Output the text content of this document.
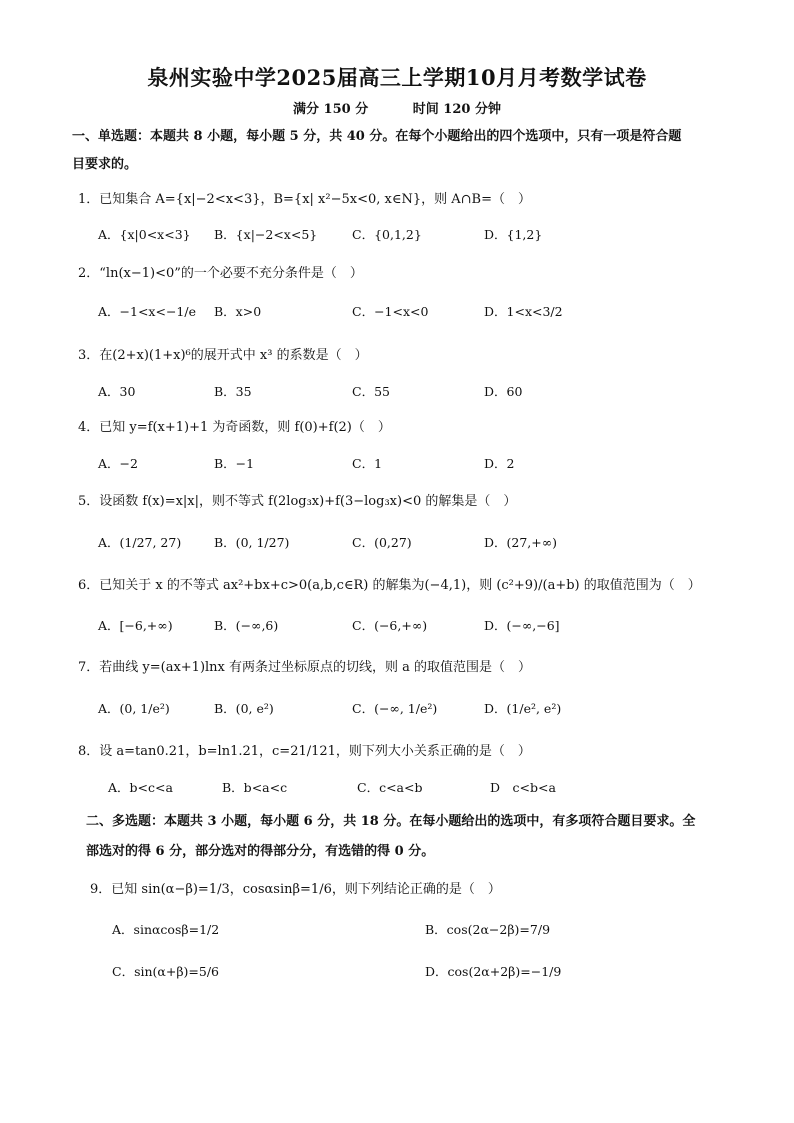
泉州实验中学2025届高三上学期10月月考数学试卷
满分 150 分	时间 120 分钟
一、单选题：本题共 8 小题，每小题 5 分，共 40 分。在每个小题给出的四个选项中，只有一项是符合题
目要求的。
1．已知集合 A={x|−2<x<3}，B={x| x²−5x<0, x∈N}，则 A∩B=（　）
A．{x|0<x<3} B．{x|−2<x<5}	C．{0,1,2}	D．{1,2}
2．“ln(x−1)<0”的一个必要不充分条件是（　）
A．−1<x<−1/e B．x>0	C．−1<x<0	D．1<x<3/2
3．在(2+x)(1+x)⁶的展开式中 x³ 的系数是（　）
A．30	B．35	C．55	D．60
4．已知 y=f(x+1)+1 为奇函数，则 f(0)+f(2)（　）
A．−2	B．−1	C．1	D．2
5．设函数 f(x)=x|x|，则不等式 f(2log₃x)+f(3−log₃x)<0 的解集是（　）
A．(1/27, 27)	B．(0, 1/27)	C．(0,27)	D．(27,+∞)
6．已知关于 x 的不等式 ax²+bx+c>0(a,b,c∈R) 的解集为(−4,1)，则 (c²+9)/(a+b) 的取值范围为（　）
A．[−6,+∞)	B．(−∞,6)	C．(−6,+∞)	D．(−∞,−6]
7．若曲线 y=(ax+1)lnx 有两条过坐标原点的切线，则 a 的取值范围是（　）
A．(0, 1/e²)	B．(0, e²)	C．(−∞, 1/e²)	D．(1/e², e²)
8．设 a=tan0.21，b=ln1.21，c=21/121，则下列大小关系正确的是（　）
A．b<c<a	B．b<a<c	C．c<a<b	D　c<b<a
二、多选题：本题共 3 小题，每小题 6 分，共 18 分。在每小题给出的选项中，有多项符合题目要求。全
部选对的得 6 分，部分选对的得部分分，有选错的得 0 分。
9．已知 sin(α−β)=1/3，cosαsinβ=1/6，则下列结论正确的是（　）
A．sinαcosβ=1/2	B．cos(2α−2β)=7/9
C．sin(α+β)=5/6	D．cos(2α+2β)=−1/9
